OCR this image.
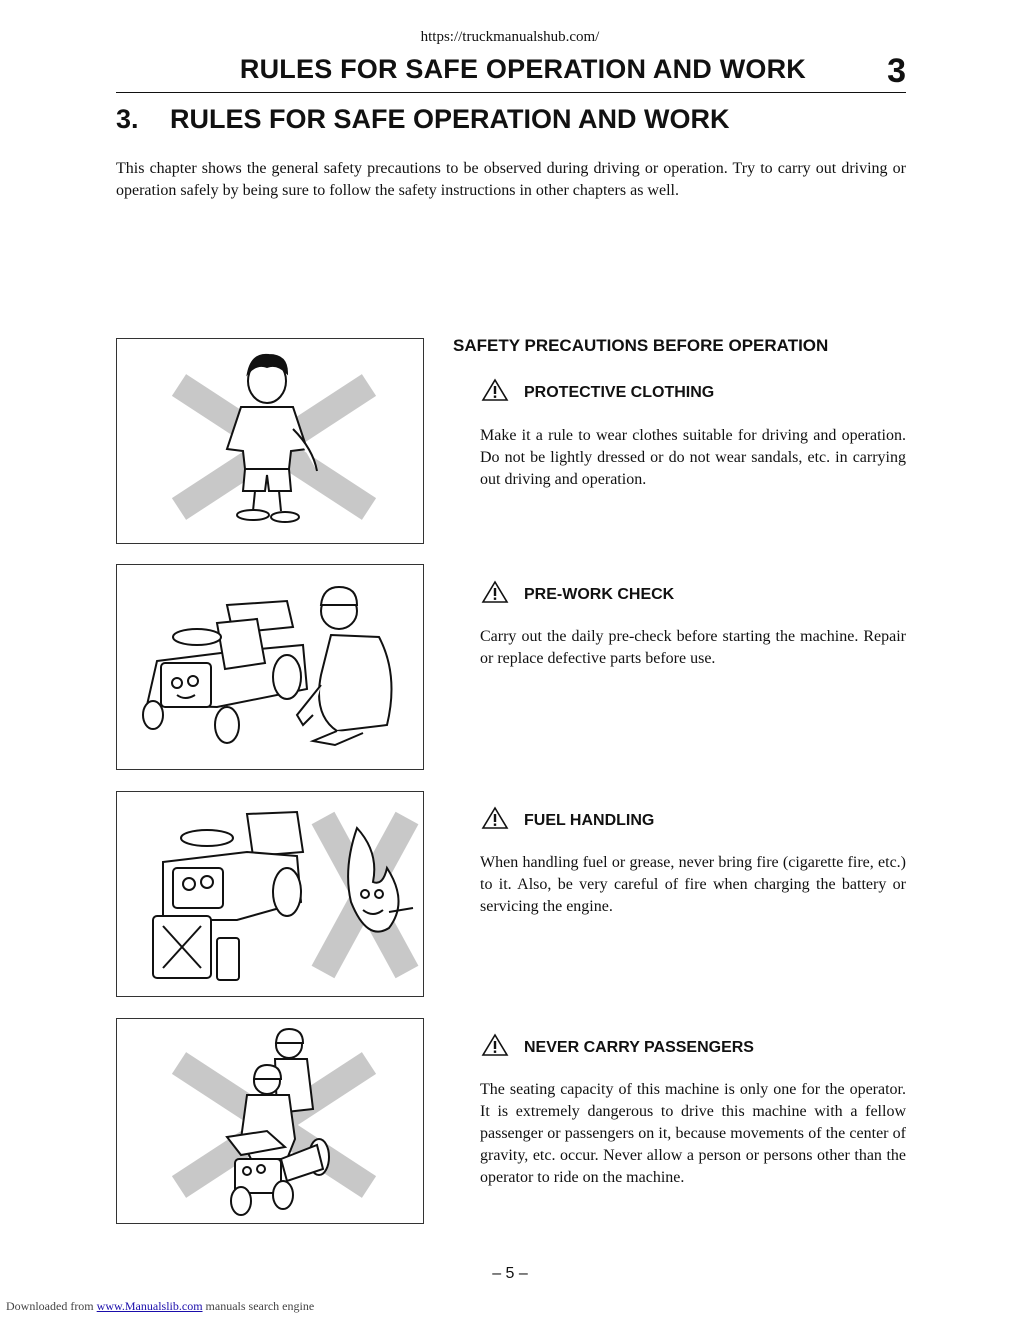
https://truckmanualshub.com/
RULES FOR SAFE OPERATION AND WORK	3
3. RULES FOR SAFE OPERATION AND WORK
This chapter shows the general safety precautions to be observed during driving or operation. Try to carry out driving or operation safely by being sure to follow the safety instructions in other chapters as well.
SAFETY PRECAUTIONS BEFORE OPERATION
PROTECTIVE CLOTHING
Make it a rule to wear clothes suitable for driving and operation. Do not be lightly dressed or do not wear sandals, etc. in carrying out driving and operation.
PRE-WORK CHECK
Carry out the daily pre-check before starting the machine. Repair or replace defective parts before use.
FUEL HANDLING
When handling fuel or grease, never bring fire (cigarette fire, etc.) to it. Also, be very careful of fire when charging the battery or servicing the engine.
NEVER CARRY PASSENGERS
The seating capacity of this machine is only one for the operator. It is extremely dangerous to drive this machine with a fellow passenger or passengers on it, because movements of the center of gravity, etc. occur. Never allow a person or persons other than the operator to ride on the machine.
– 5 –
Downloaded from www.Manualslib.com manuals search engine
